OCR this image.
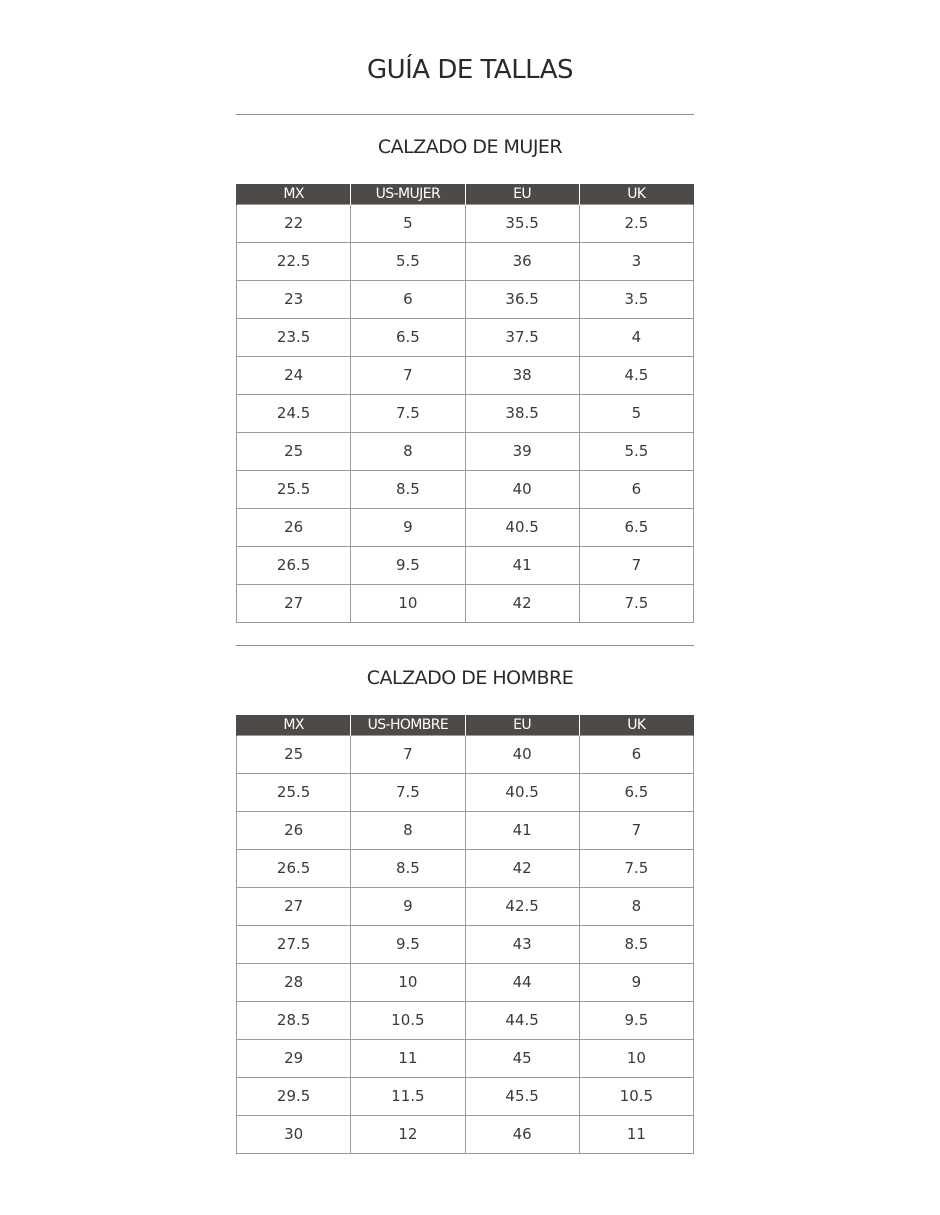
GUÍA DE TALLAS
CALZADO DE MUJER
MX	US-MUJER	EU	UK
22	5	35.5	2.5
22.5	5.5	36	3
23	6	36.5	3.5
23.5	6.5	37.5	4
24	7	38	4.5
24.5	7.5	38.5	5
25	8	39	5.5
25.5	8.5	40	6
26	9	40.5	6.5
26.5	9.5	41	7
27	10	42	7.5
CALZADO DE HOMBRE
MX	US-HOMBRE	EU	UK
25	7	40	6
25.5	7.5	40.5	6.5
26	8	41	7
26.5	8.5	42	7.5
27	9	42.5	8
27.5	9.5	43	8.5
28	10	44	9
28.5	10.5	44.5	9.5
29	11	45	10
29.5	11.5	45.5	10.5
30	12	46	11
